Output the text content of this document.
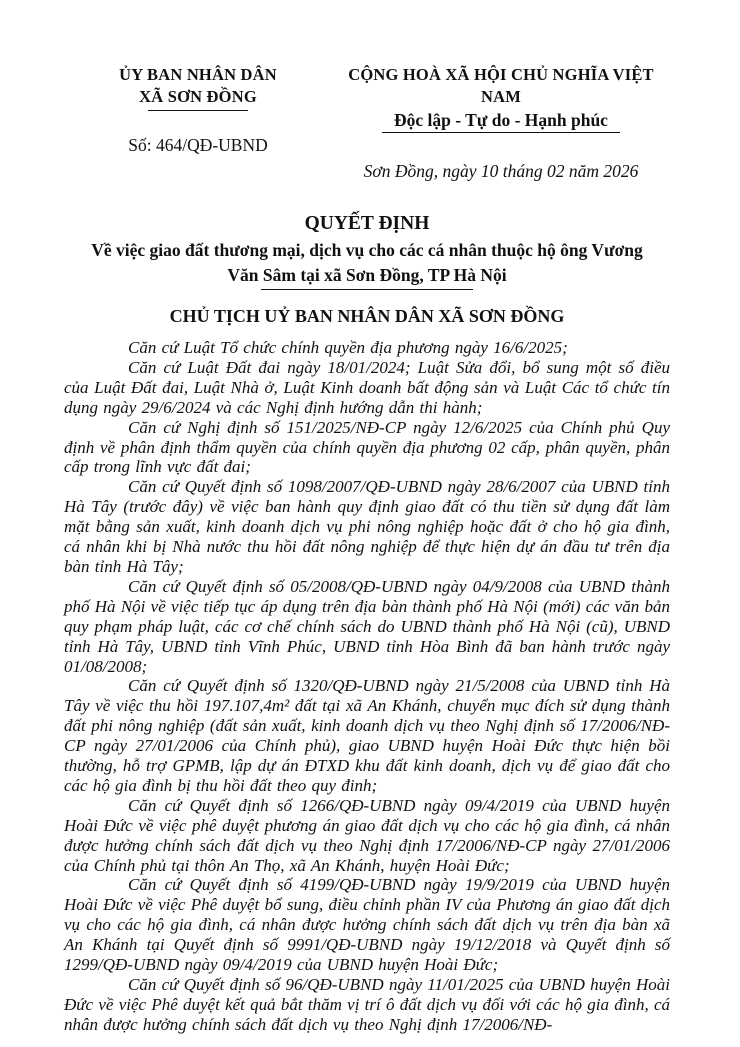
ỦY BAN NHÂN DÂN
XÃ SƠN ĐỒNG
Số: 464/QĐ-UBND
CỘNG HOÀ XÃ HỘI CHỦ NGHĨA VIỆT NAM
Độc lập - Tự do - Hạnh phúc
Sơn Đồng, ngày 10 tháng 02 năm 2026
QUYẾT ĐỊNH
Về việc giao đất thương mại, dịch vụ cho các cá nhân thuộc hộ ông Vương
Văn Sâm tại xã Sơn Đồng, TP Hà Nội
CHỦ TỊCH UỶ BAN NHÂN DÂN XÃ SƠN ĐỒNG

Căn cứ Luật Tổ chức chính quyền địa phương ngày 16/6/2025;

Căn cứ Luật Đất đai ngày 18/01/2024; Luật Sửa đổi, bổ sung một số điều của Luật Đất đai, Luật Nhà ở, Luật Kinh doanh bất động sản và Luật Các tổ chức tín dụng ngày 29/6/2024 và các Nghị định hướng dẫn thi hành;

Căn cứ Nghị định số 151/2025/NĐ-CP ngày 12/6/2025 của Chính phủ Quy định về phân định thẩm quyền của chính quyền địa phương 02 cấp, phân quyền, phân cấp trong lĩnh vực đất đai;

Căn cứ Quyết định số 1098/2007/QĐ-UBND ngày 28/6/2007 của UBND tỉnh Hà Tây (trước đây) về việc ban hành quy định giao đất có thu tiền sử dụng đất làm mặt bằng sản xuất, kinh doanh dịch vụ phi nông nghiệp hoặc đất ở cho hộ gia đình, cá nhân khi bị Nhà nước thu hồi đất nông nghiệp để thực hiện dự án đầu tư trên địa bàn tỉnh Hà Tây;

Căn cứ Quyết định số 05/2008/QĐ-UBND ngày 04/9/2008 của UBND thành phố Hà Nội về việc tiếp tục áp dụng trên địa bàn thành phố Hà Nội (mới) các văn bản quy phạm pháp luật, các cơ chế chính sách do UBND thành phố Hà Nội (cũ), UBND tỉnh Hà Tây, UBND tỉnh Vĩnh Phúc, UBND tỉnh Hòa Bình đã ban hành trước ngày 01/08/2008;

Căn cứ Quyết định số 1320/QĐ-UBND ngày 21/5/2008 của UBND tỉnh Hà Tây về việc thu hồi 197.107,4m² đất tại xã An Khánh, chuyển mục đích sử dụng thành đất phi nông nghiệp (đất sản xuất, kinh doanh dịch vụ theo Nghị định số 17/2006/NĐ-CP ngày 27/01/2006 của Chính phủ), giao UBND huyện Hoài Đức thực hiện bồi thường, hỗ trợ GPMB, lập dự án ĐTXD khu đất kinh doanh, dịch vụ để giao đất cho các hộ gia đình bị thu hồi đất theo quy đinh;

Căn cứ Quyết định số 1266/QĐ-UBND ngày 09/4/2019 của UBND huyện Hoài Đức về việc phê duyệt phương án giao đất dịch vụ cho các hộ gia đình, cá nhân được hưởng chính sách đất dịch vụ theo Nghị định 17/2006/NĐ-CP ngày 27/01/2006 của Chính phủ tại thôn An Thọ, xã An Khánh, huyện Hoài Đức;

Căn cứ Quyết định số 4199/QĐ-UBND ngày 19/9/2019 của UBND huyện Hoài Đức về việc Phê duyệt bổ sung, điều chỉnh phần IV của Phương án giao đất dịch vụ cho các hộ gia đình, cá nhân được hưởng chính sách đất dịch vụ trên địa bàn xã An Khánh tại Quyết định số 9991/QĐ-UBND ngày 19/12/2018 và Quyết định số 1299/QĐ-UBND ngày 09/4/2019 của UBND huyện Hoài Đức;

Căn cứ Quyết định số 96/QĐ-UBND ngày 11/01/2025 của UBND huyện Hoài Đức về việc Phê duyệt kết quả bắt thăm vị trí ô đất dịch vụ đối với các hộ gia đình, cá nhân được hưởng chính sách đất dịch vụ theo Nghị định 17/2006/NĐ-
